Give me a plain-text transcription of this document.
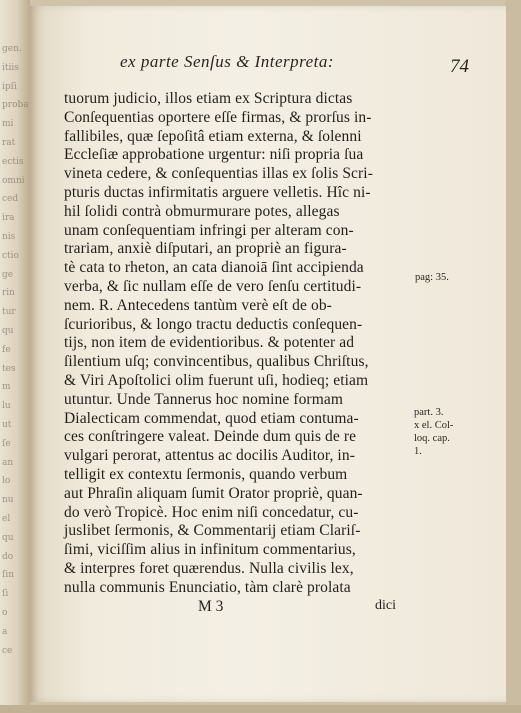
gen.
itiis
ipſi
proba
mi
rat
ectis
omni
ced
ira
nis
ctio
ge
rin
tur
qu
fe
tes
m
lu
ut
ſe
an
lo
nu
el
qu
do
ſin
ſi
o
a
ce
ex parte Senſus & Interpreta:	74
tuorum judicio, illos etiam ex Scriptura dictas
Conſequentias oportere eſſe firmas, & prorſus in-
fallibiles, quæ ſepoſitâ etiam externa, & ſolenni
Eccleſiæ approbatione urgentur: niſi propria ſua
vineta cedere, & conſequentias illas ex ſolis Scri-
pturis ductas infirmitatis arguere velletis. Hîc ni-
hil ſolidi contrà obmurmurare potes, allegas
unam conſequentiam infringi per alteram con-
trariam, anxiè diſputari, an propriè an figura-
tè cata to rheton, an cata dianoiā ſint accipienda
verba, & ſic nullam eſſe de vero ſenſu certitudi-
nem. R. Antecedens tantùm verè eſt de ob-
ſcurioribus, & longo tractu deductis conſequen-
tijs, non item de evidentioribus. & potenter ad
ſilentium uſq; convincentibus, qualibus Chriſtus,
& Viri Apoſtolici olim fuerunt uſi, hodieq; etiam
utuntur. Unde Tannerus hoc nomine formam
Dialecticam commendat, quod etiam contuma-
ces conſtringere valeat. Deinde dum quis de re
vulgari perorat, attentus ac docilis Auditor, in-
telligit ex contextu ſermonis, quando verbum
aut Phraſin aliquam ſumit Orator propriè, quan-
do verò Tropicè. Hoc enim niſi concedatur, cu-
juslibet ſermonis, & Commentarij etiam Clariſ-
ſimi, viciſſim alius in infinitum commentarius,
& interpres foret quærendus. Nulla civilis lex,
nulla communis Enunciatio, tàm clarè prolata
M 3	dici
pag: 35.
part. 3.
x el. Col-
loq. cap.
1.
